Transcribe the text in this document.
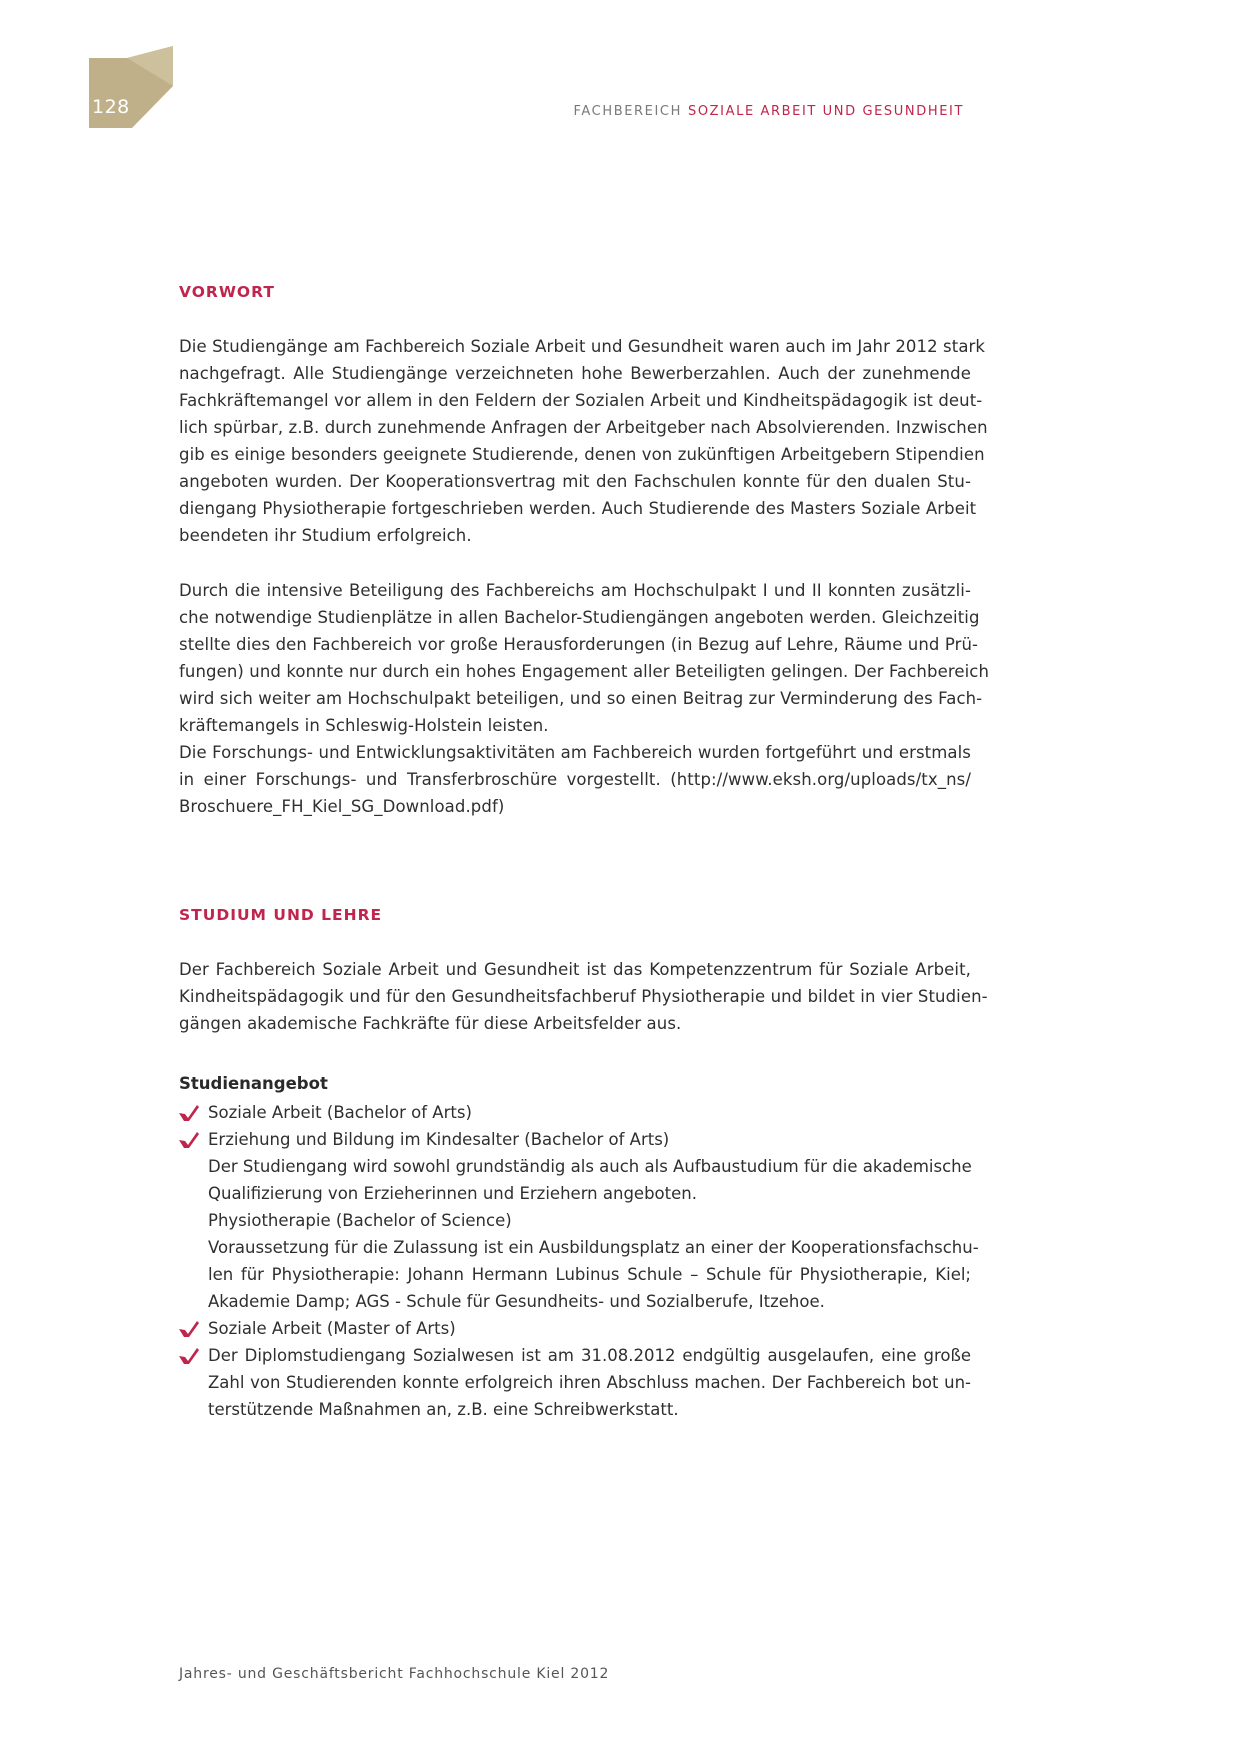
128	FACHBEREICH SOZIALE ARBEIT UND GESUNDHEIT
VORWORT

Die Studiengänge am Fachbereich Soziale Arbeit und Gesundheit waren auch im Jahr 2012 stark
nachgefragt. Alle Studiengänge verzeichneten hohe Bewerberzahlen. Auch der zunehmende
Fachkräftemangel vor allem in den Feldern der Sozialen Arbeit und Kindheitspädagogik ist deut-
lich spürbar, z.B. durch zunehmende Anfragen der Arbeitgeber nach Absolvierenden. Inzwischen
gib es einige besonders geeignete Studierende, denen von zukünftigen Arbeitgebern Stipendien
angeboten wurden. Der Kooperationsvertrag mit den Fachschulen konnte für den dualen Stu-
diengang Physiotherapie fortgeschrieben werden. Auch Studierende des Masters Soziale Arbeit
beendeten ihr Studium erfolgreich.

Durch die intensive Beteiligung des Fachbereichs am Hochschulpakt I und II konnten zusätzli-
che notwendige Studienplätze in allen Bachelor-Studiengängen angeboten werden. Gleichzeitig
stellte dies den Fachbereich vor große Herausforderungen (in Bezug auf Lehre, Räume und Prü-
fungen) und konnte nur durch ein hohes Engagement aller Beteiligten gelingen. Der Fachbereich
wird sich weiter am Hochschulpakt beteiligen, und so einen Beitrag zur Verminderung des Fach-
kräftemangels in Schleswig-Holstein leisten.
Die Forschungs- und Entwicklungsaktivitäten am Fachbereich wurden fortgeführt und erstmals
in einer Forschungs- und Transferbroschüre vorgestellt. (http://www.eksh.org/uploads/tx_ns/
Broschuere_FH_Kiel_SG_Download.pdf)

STUDIUM UND LEHRE

Der Fachbereich Soziale Arbeit und Gesundheit ist das Kompetenzzentrum für Soziale Arbeit,
Kindheitspädagogik und für den Gesundheitsfachberuf Physiotherapie und bildet in vier Studien-
gängen akademische Fachkräfte für diese Arbeitsfelder aus.

Studienangebot
Soziale Arbeit (Bachelor of Arts)
Erziehung und Bildung im Kindesalter (Bachelor of Arts)
Der Studiengang wird sowohl grundständig als auch als Aufbaustudium für die akademische
Qualifizierung von Erzieherinnen und Erziehern angeboten.
Physiotherapie (Bachelor of Science)
Voraussetzung für die Zulassung ist ein Ausbildungsplatz an einer der Kooperationsfachschu-
len für Physiotherapie: Johann Hermann Lubinus Schule – Schule für Physiotherapie, Kiel;
Akademie Damp; AGS - Schule für Gesundheits- und Sozialberufe, Itzehoe.
Soziale Arbeit (Master of Arts)
Der Diplomstudiengang Sozialwesen ist am 31.08.2012 endgültig ausgelaufen, eine große
Zahl von Studierenden konnte erfolgreich ihren Abschluss machen. Der Fachbereich bot un-
terstützende Maßnahmen an, z.B. eine Schreibwerkstatt.
Jahres- und Geschäftsbericht Fachhochschule Kiel 2012
